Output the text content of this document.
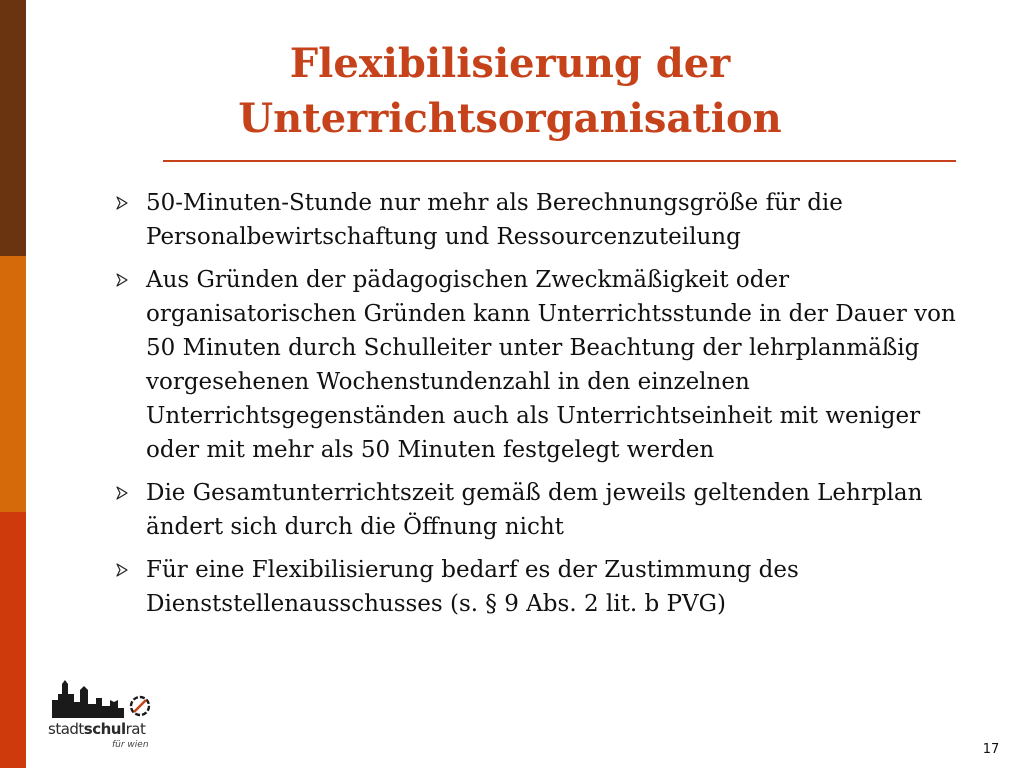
Flexibilisierung der
Unterrichtsorganisation
50-Minuten-Stunde nur mehr als Berechnungsgröße für die Personalbewirtschaftung und Ressourcenzuteilung
Aus Gründen der pädagogischen Zweckmäßigkeit oder organisatorischen Gründen kann Unterrichtsstunde in der Dauer von 50 Minuten durch Schulleiter unter Beachtung der lehrplanmäßig vorgesehenen Wochenstundenzahl in den einzelnen Unterrichtsgegenständen auch als Unterrichtseinheit mit weniger oder mit mehr als 50 Minuten festgelegt werden
Die Gesamtunterrichtszeit gemäß dem jeweils geltenden Lehrplan ändert sich durch die Öffnung nicht
Für eine Flexibilisierung bedarf es der Zustimmung des Dienststellenausschusses (s. § 9 Abs. 2 lit. b PVG)
stadtschulrat
für wien	17
